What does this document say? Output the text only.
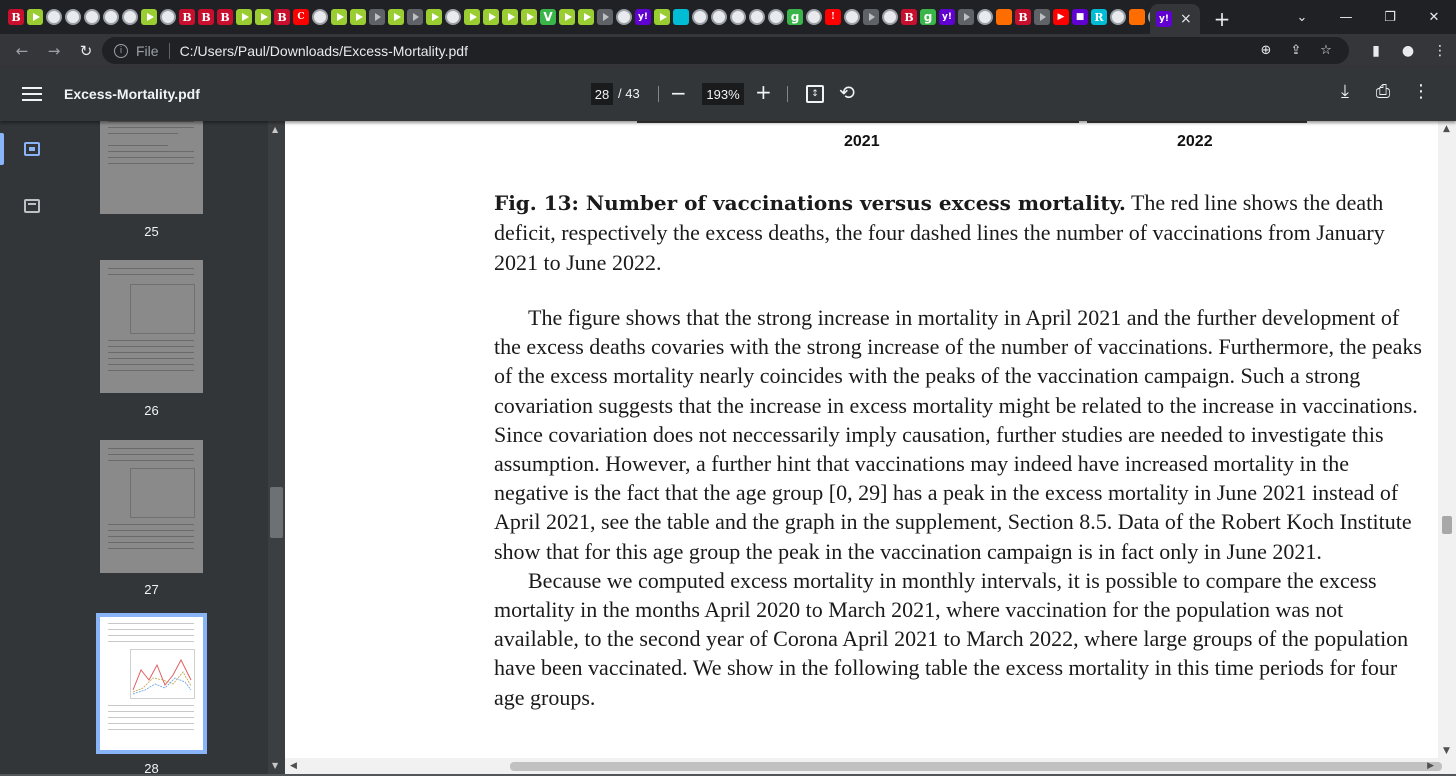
B	B B B	B	C	V	y!	g	!	B g	y!	B	▶	■ R	y! × +	⌄	—	❐	✕
←	→	↻	i File C:/Users/Paul/Downloads/Excess-Mortality.pdf	⊕	⇪	☆	▮	●	⋮
Excess-Mortality.pdf	28 / 43 −	193% +	↕ ⟲	⤓	⎙	⋮
25
26
27
28
▲
▼
2021	2022
Fig. 13: Number of vaccinations versus excess mortality. The red line shows the death deficit, respectively the excess deaths, the four dashed lines the number of vaccinations from January 2021 to June 2022.

The figure shows that the strong increase in mortality in April 2021 and the further development of the excess deaths covaries with the strong increase of the number of vaccinations. Furthermore, the peaks of the excess mortality nearly coincides with the peaks of the vaccination campaign. Such a strong covariation suggests that the increase in excess mortality might be related to the increase in vaccinations. Since covariation does not neccessarily imply causation, further studies are needed to investigate this assumption. However, a further hint that vaccinations may indeed have increased mortality in the negative is the fact that the age group [0, 29] has a peak in the excess mortality in June 2021 instead of April 2021, see the table and the graph in the supplement, Section 8.5. Data of the Robert Koch Institute show that for this age group the peak in the vaccination campaign is in fact only in June 2021.

Because we computed excess mortality in monthly intervals, it is possible to compare the excess mortality in the months April 2020 to March 2021, where vaccination for the population was not available, to the second year of Corona April 2021 to March 2022, where large groups of the population have been vaccinated. We show in the following table the excess mortality in this time periods for four age groups.

▲
▼
◀	▶
